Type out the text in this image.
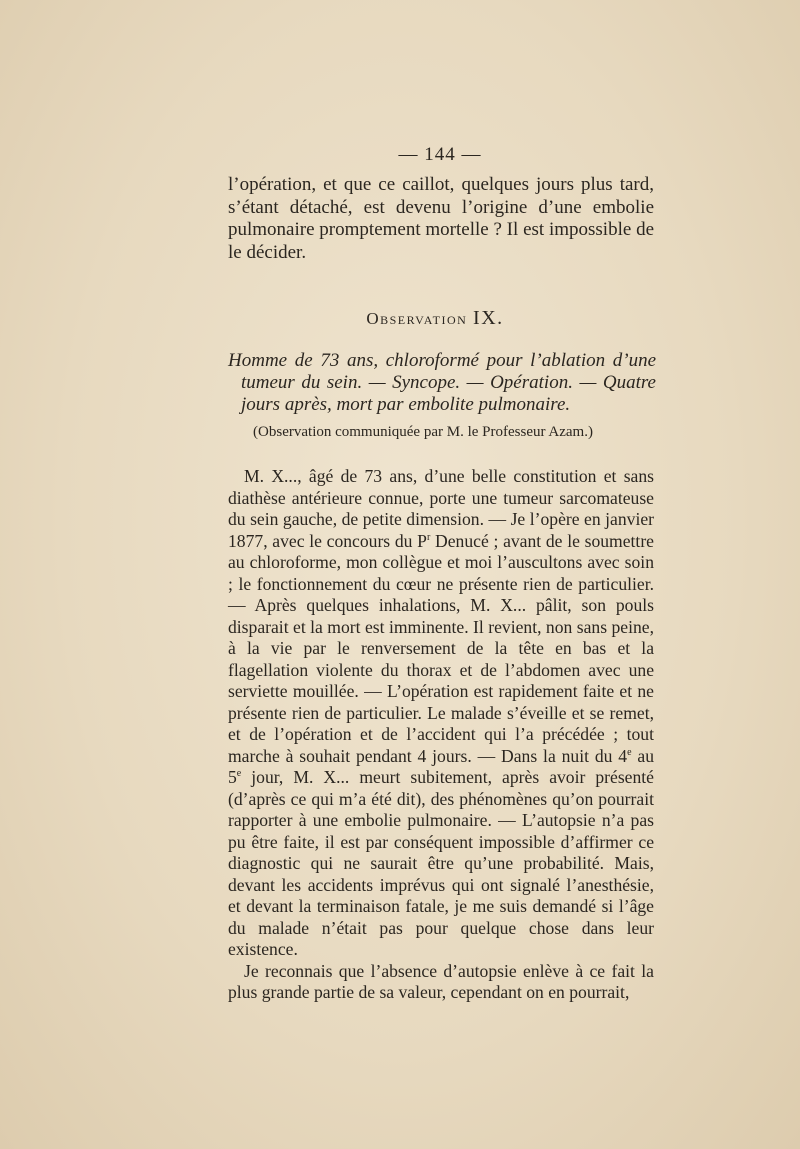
— 144 —
l’opération, et que ce caillot, quelques jours plus tard, s’étant détaché, est devenu l’origine d’une embolie pulmonaire promptement mortelle ? Il est impossible de le décider.
Observation IX.
Homme de 73 ans, chloroformé pour l’ablation d’une tumeur du sein. — Syncope. — Opération. — Quatre jours après, mort par embolite pulmonaire.
(Observation communiquée par M. le Professeur Azam.)

M. X..., âgé de 73 ans, d’une belle constitution et sans diathèse antérieure connue, porte une tumeur sarcomateuse du sein gauche, de petite dimension. — Je l’opère en janvier 1877, avec le concours du $P^r$ Denucé ; avant de le soumettre au chloroforme, mon collègue et moi l’auscultons avec soin ; le fonctionnement du cœur ne présente rien de particulier. — Après quelques inhalations, M. X... pâlit, son pouls disparait et la mort est imminente. Il revient, non sans peine, à la vie par le renversement de la tête en bas et la flagellation violente du thorax et de l’abdomen avec une serviette mouillée. — L’opération est rapidement faite et ne présente rien de particulier. Le malade s’éveille et se remet, et de l’opération et de l’accident qui l’a précédée ; tout marche à souhait pendant 4 jours. — Dans la nuit du 4e au 5e jour, M. X... meurt subitement, après avoir présenté (d’après ce qui m’a été dit), des phénomènes qu’on pourrait rapporter à une embolie pulmonaire. — L’autopsie n’a pas pu être faite, il est par conséquent impossible d’affirmer ce diagnostic qui ne saurait être qu’une probabilité. Mais, devant les accidents imprévus qui ont signalé l’anesthésie, et devant la terminaison fatale, je me suis demandé si l’âge du malade n’était pas pour quelque chose dans leur existence.

Je reconnais que l’absence d’autopsie enlève à ce fait la plus grande partie de sa valeur, cependant on en pourrait,
